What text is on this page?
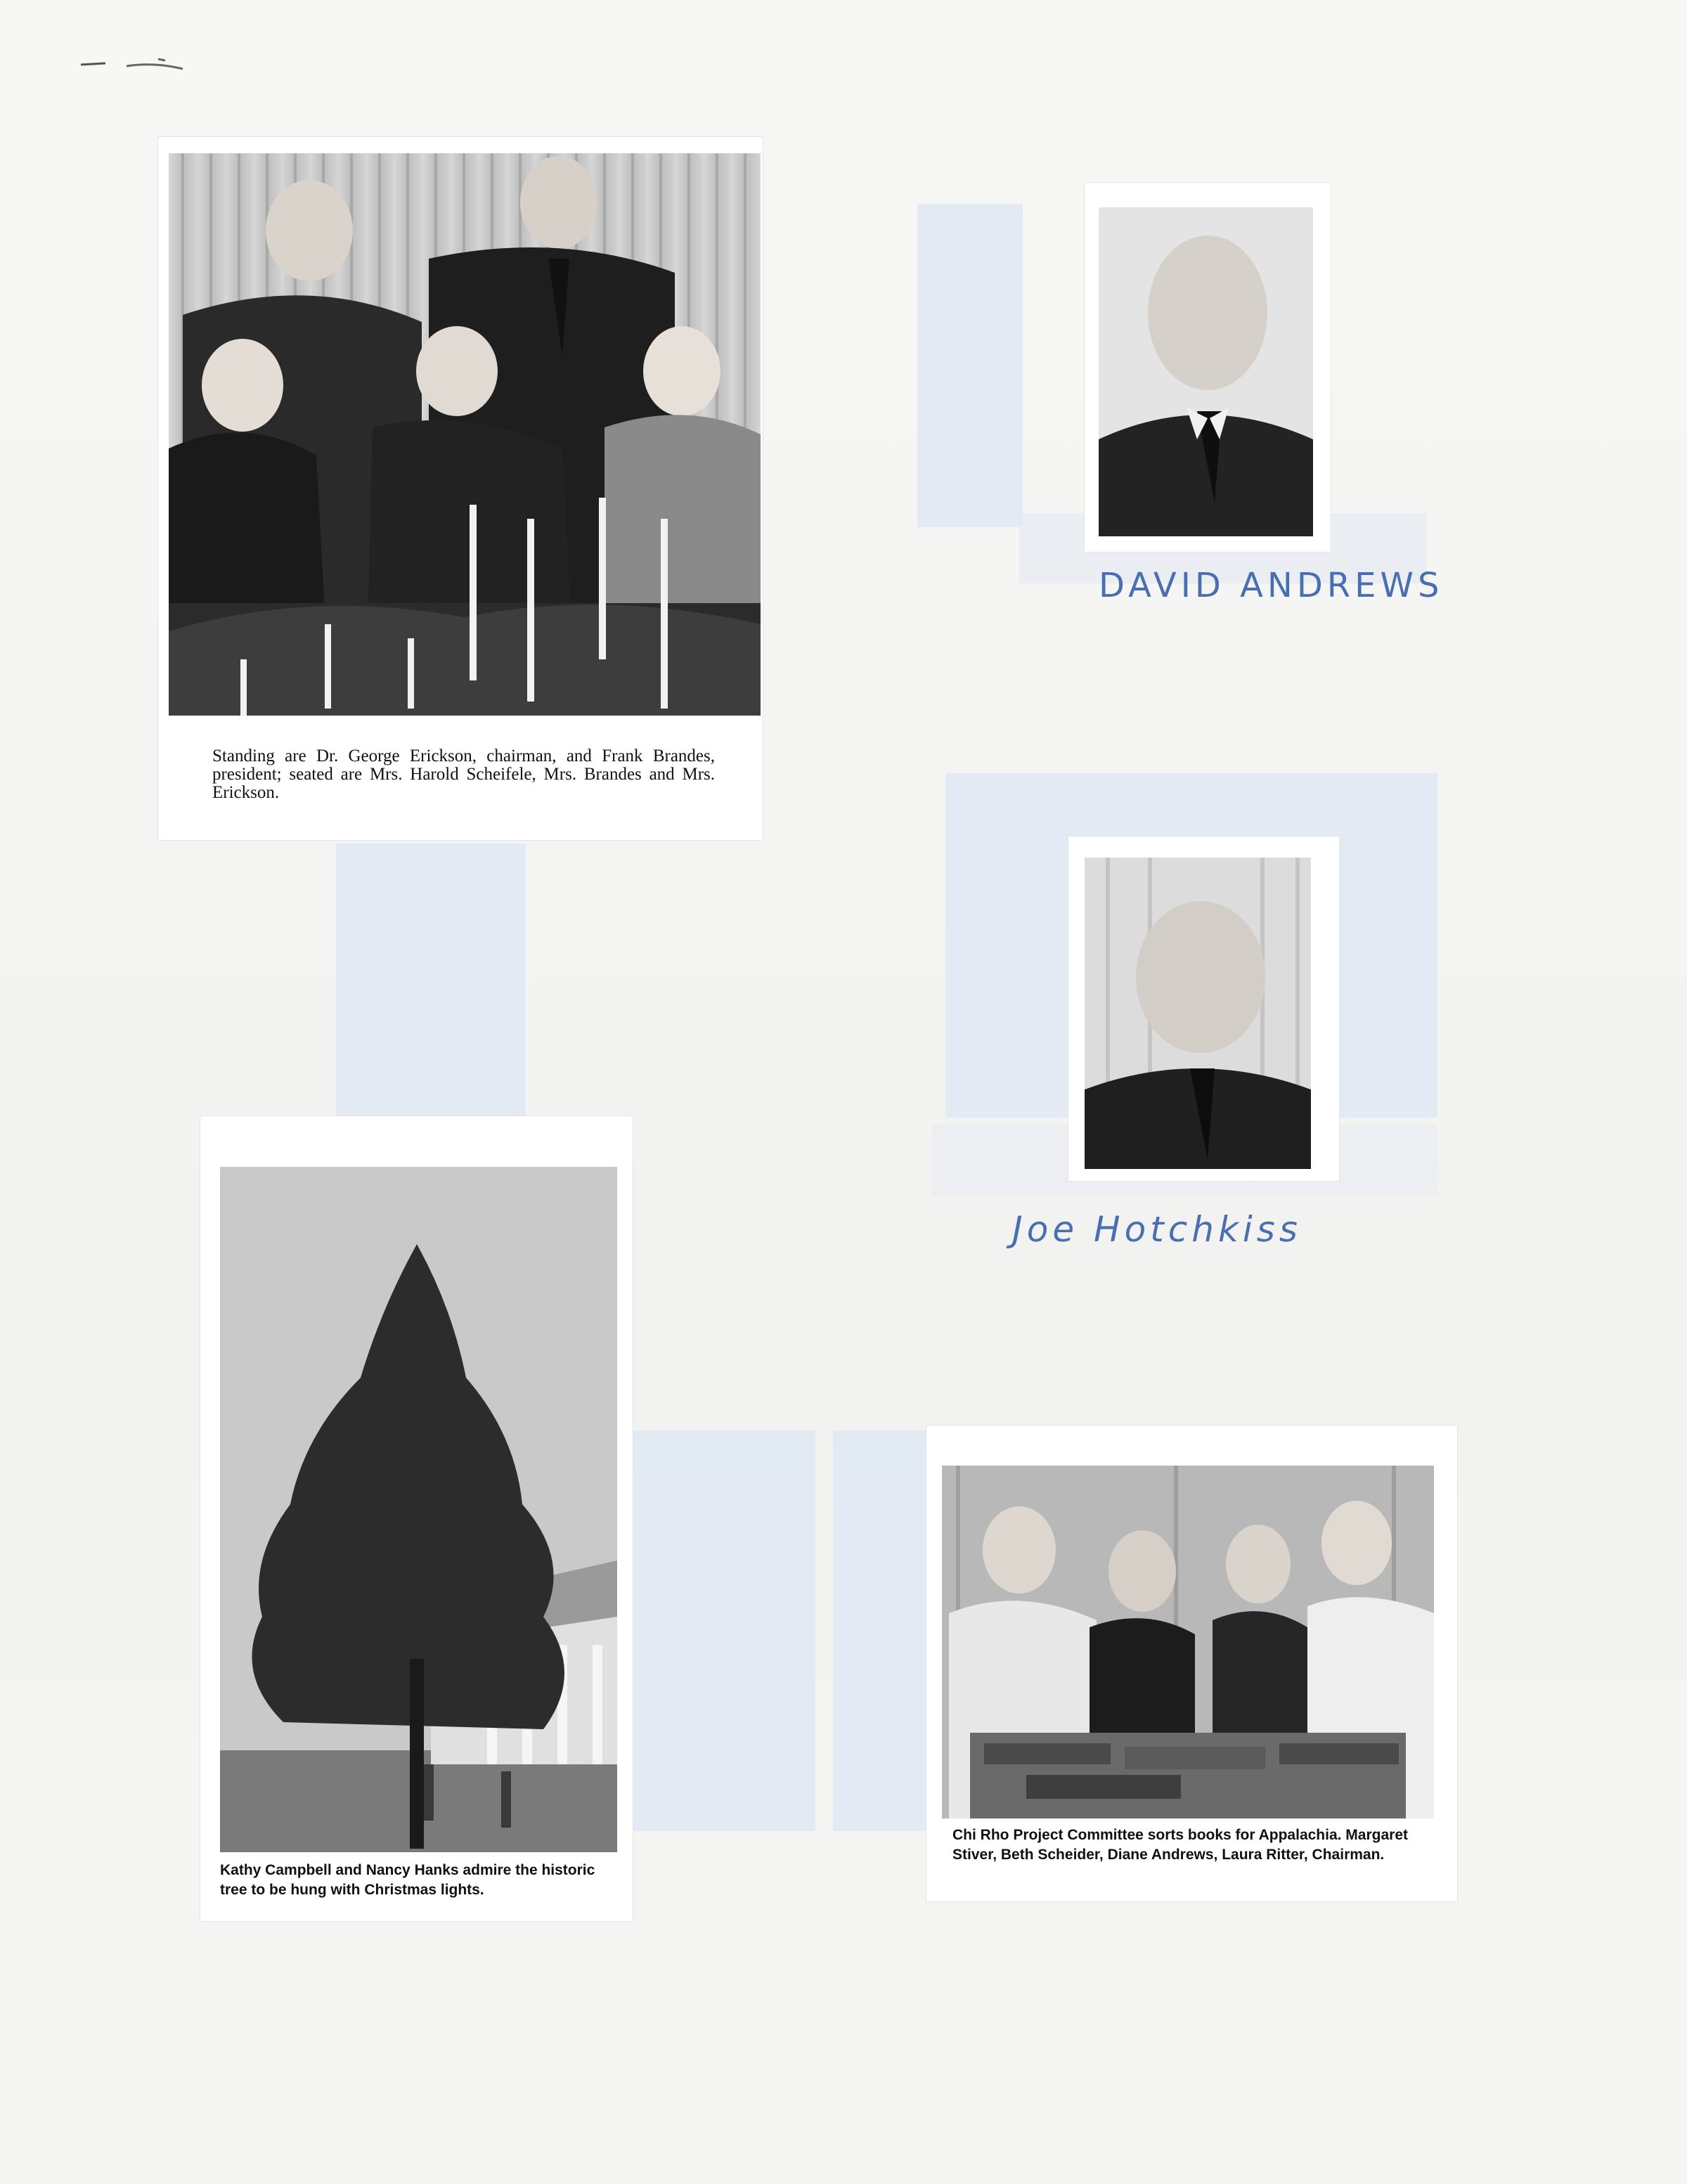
Standing are Dr. George Erickson, chairman, and Frank Brandes, president; seated are Mrs. Harold Scheifele, Mrs. Brandes and Mrs. Erickson.
DAVID ANDREWS
Joe Hotchkiss
Kathy Campbell and Nancy Hanks admire the historic tree to be hung with Christmas lights.
Chi Rho Project Committee sorts books for Appalachia. Margaret Stiver, Beth Scheider, Diane Andrews, Laura Ritter, Chairman.
